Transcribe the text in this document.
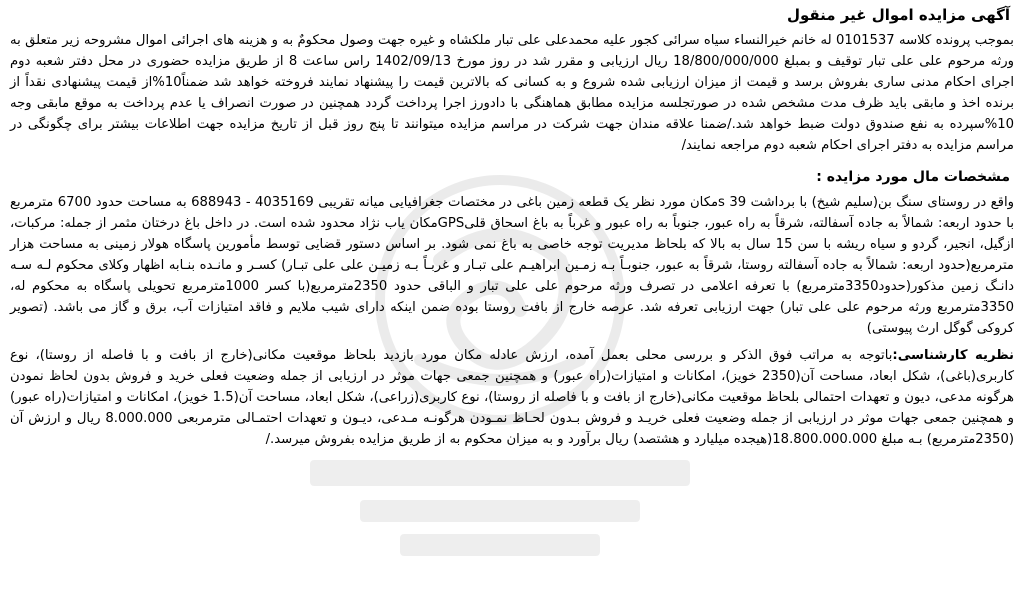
آگهی مزایده اموال غیر منقول

بموجب پرونده کلاسه 0101537 له خانم خیرالنساء سیاه سرائی کجور علیه محمدعلی علی تبار ملکشاه و غیره جهت وصول محکومٌ به و هزینه های اجرائی اموال مشروحه زیر متعلق به ورثه مرحوم علی علی تبار توقیف و بمبلغ 18/800/000/000 ریال ارزیابی و مقرر شد در روز مورخ 1402/09/13 راس ساعت 8 از طریق مزایده حضوری در محل دفتر شعبه دوم اجرای احکام مدنی ساری بفروش برسد و قیمت از میزان ارزیابی شده شروع و به کسانی که بالاترین قیمت را پیشنهاد نمایند فروخته خواهد شد ضمناً10%از قیمت پیشنهادی نقداً از برنده اخذ و مابقی باید ظرف مدت مشخص شده در صورتجلسه مزایده مطابق هماهنگی با دادورز اجرا پرداخت گردد همچنین در صورت انصراف یا عدم پرداخت به موقع مابقی وجه 10%سپرده به نفع صندوق دولت ضبط خواهد شد./ضمنا علاقه مندان جهت شرکت در مراسم مزایده میتوانند تا پنج روز قبل از تاریخ مزایده جهت اطلاعات بیشتر برای چگونگی در مراسم مزایده به دفتر اجرای احکام شعبه دوم مراجعه نمایند/

مشخصات مال مورد مزایده :

واقع در روستای سنگ بن(سلیم شیخ) با برداشت 39 sمکان مورد نظر یک قطعه زمین باغی در مختصات جغرافیایی میانه تقریبی 4035169 - 688943 به مساحت حدود 6700 مترمربع با حدود اربعه: شمالاً به جاده آسفالته، شرقاً به راه عبور، جنوباً به راه عبور و غرباً به باغ اسحاق قلیGPSمکان یاب نژاد محدود شده است. در داخل باغ درختان مثمر از جمله: مرکبات، ازگیل، انجیر، گردو و سیاه ریشه با سن 15 سال به بالا که بلحاظ مدیریت توجه خاصی به باغ نمی شود. بر اساس دستور قضایی توسط مأمورین پاسگاه هولار زمینی به مساحت هزار مترمربع(حدود اربعه: شمالاً به جاده آسفالته روستا، شرقاً به عبور، جنوبـاً بـه زمـین ابراهیـم علی تبـار و غربـاً بـه زمیـن علی علی تبـار) کسـر و مانـده بنـابه اظهار وکلای محکوم لـه سـه دانـگ زمین مذکور(حدود3350مترمربع) با تعرفه اعلامی در تصرف ورثه مرحوم علی علی تبار و الباقی حدود 2350مترمربع(با کسر 1000مترمربع تحویلی پاسگاه به محکوم له، 3350مترمربع ورثه مرحوم علی علی تبار) جهت ارزیابی تعرفه شد. عرصه خارج از بافت روستا بوده ضمن اینکه دارای شیب ملایم و فاقد امتیازات آب، برق و گاز می باشد. (تصویر کروکی گوگل ارث پیوستی)

نظریه کارشناسی:باتوجه به مراتب فوق الذکر و بررسی محلی بعمل آمده، ارزش عادله مکان مورد بازدید بلحاظ موقعیت مکانی(خارج از بافت و با فاصله از روستا)، نوع کاربری(باغی)، شکل ابعاد، مساحت آن(2350 خویز)، امکانات و امتیازات(راه عبور) و همچنین جمعی جهات موثر در ارزیابی از جمله وضعیت فعلی خرید و فروش بدون لحاظ نمودن هرگونه مدعی، دیون و تعهدات احتمالی بلحاظ موقعیت مکانی(خارج از بافت و با فاصله از روستا)، نوع کاربری(زراعی)، شکل ابعاد، مساحت آن(1.5 خویز)، امکانات و امتیازات(راه عبور) و همچنین جمعی جهات موثر در ارزیابی از جمله وضعیت فعلی خریـد و فروش بـدون لحـاظ نمـودن هرگونـه مـدعی، دیـون و تعهدات احتمـالی مترمربعی 8.000.000 ریال و ارزش آن (2350مترمربع) بـه مبلغ 18.800.000.000(هیجده میلیارد و هشتصد) ریال برآورد و به میزان محکوم به از طریق مزایده بفروش میرسد./
